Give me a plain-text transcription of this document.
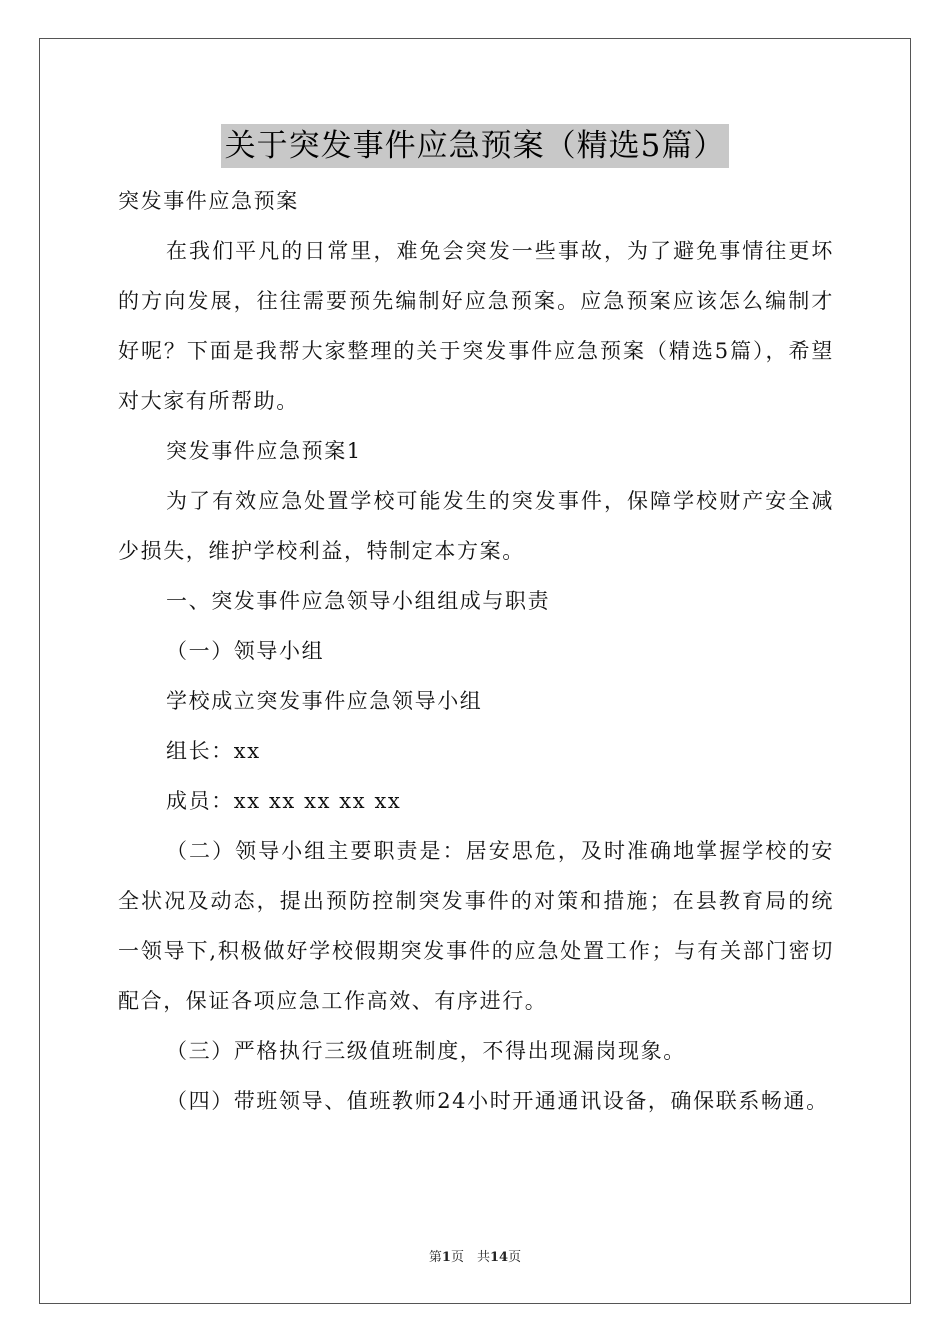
关于突发事件应急预案（精选5篇）

突发事件应急预案

在我们平凡的日常里，难免会突发一些事故，为了避免事情往更坏的方向发展，往往需要预先编制好应急预案。应急预案应该怎么编制才好呢？下面是我帮大家整理的关于突发事件应急预案（精选5篇），希望对大家有所帮助。

突发事件应急预案1

为了有效应急处置学校可能发生的突发事件，保障学校财产安全减少损失，维护学校利益，特制定本方案。

一、突发事件应急领导小组组成与职责

（一）领导小组

学校成立突发事件应急领导小组

组长：xx

成员：xx xx xx xx xx

（二）领导小组主要职责是：居安思危，及时准确地掌握学校的安全状况及动态，提出预防控制突发事件的对策和措施；在县教育局的统一领导下,积极做好学校假期突发事件的应急处置工作；与有关部门密切配合，保证各项应急工作高效、有序进行。

（三）严格执行三级值班制度，不得出现漏岗现象。

（四）带班领导、值班教师24小时开通通讯设备，确保联系畅通。

第1页　共14页
